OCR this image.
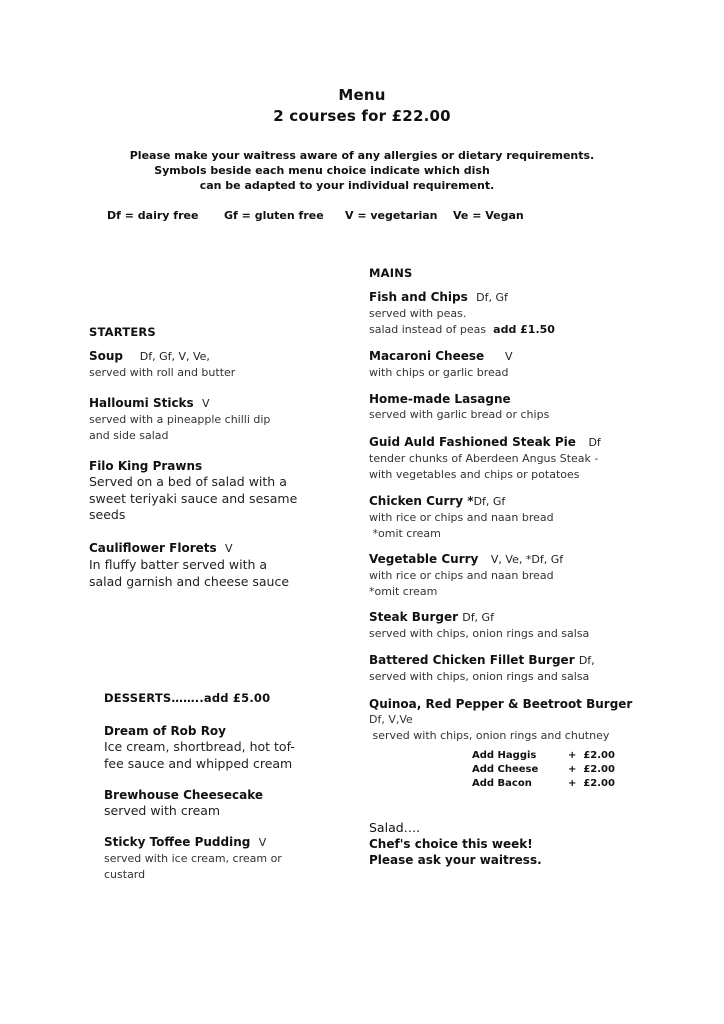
Menu
2 courses for £22.00
Please make your waitress aware of any allergies or dietary requirements.
Symbols beside each menu choice indicate which dish
can be adapted to your individual requirement.
Df = dairy free Gf = gluten free V = vegetarian Ve = Vegan
STARTERS
Soup Df, Gf, V, Ve,
served with roll and butter
Halloumi Sticks V
served with a pineapple chilli dip
and side salad
Filo King Prawns
Served on a bed of salad with a
sweet teriyaki sauce and sesame
seeds
Cauliflower Florets V
In fluffy batter served with a
salad garnish and cheese sauce
DESSERTS……..add £5.00
Dream of Rob Roy
Ice cream, shortbread, hot tof-
fee sauce and whipped cream
Brewhouse Cheesecake
served with cream
Sticky Toffee Pudding V
served with ice cream, cream or
custard
MAINS
Fish and Chips Df, Gf
served with peas.
salad instead of peas add £1.50
Macaroni Cheese V
with chips or garlic bread
Home-made Lasagne
served with garlic bread or chips
Guid Auld Fashioned Steak Pie Df
tender chunks of Aberdeen Angus Steak -
with vegetables and chips or potatoes
Chicken Curry *Df, Gf
with rice or chips and naan bread
*omit cream
Vegetable Curry V, Ve, *Df, Gf
with rice or chips and naan bread
*omit cream
Steak Burger Df, Gf
served with chips, onion rings and salsa
Battered Chicken Fillet Burger Df,
served with chips, onion rings and salsa
Quinoa, Red Pepper & Beetroot Burger
Df, V,Ve
served with chips, onion rings and chutney
Add Haggis	+  £2.00
Add Cheese	+  £2.00
Add Bacon	+  £2.00
Salad….
Chef's choice this week!
Please ask your waitress.
